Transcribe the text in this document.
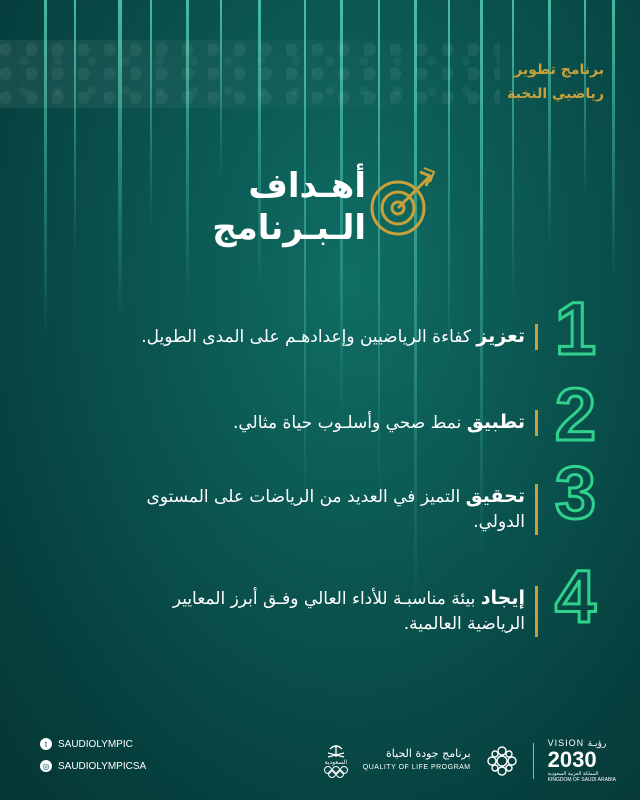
برنامج تطوير
رياضيي النخبة
أهـداف
الـبـرنامج
1
تعزيز كفاءة الرياضيين وإعدادهـم على المدى الطويل.
2
تطبيق نمط صحي وأسلـوب حياة مثالي.
3
تحقيق التميز في العديد من الرياضات على المستوى الدولي.
4
إيجاد بيئة مناسبـة للأداء العالي وفـق أبرز المعايير الرياضية العالمية.
t	SAUDIOLYMPIC
◎ SAUDIOLYMPICSA	السعودية
برنامج جودة الحياة
QUALITY OF LIFE PROGRAM
VISION رؤيـة
2030
المملكة العربية السعودية
KINGDOM OF SAUDI ARABIA
